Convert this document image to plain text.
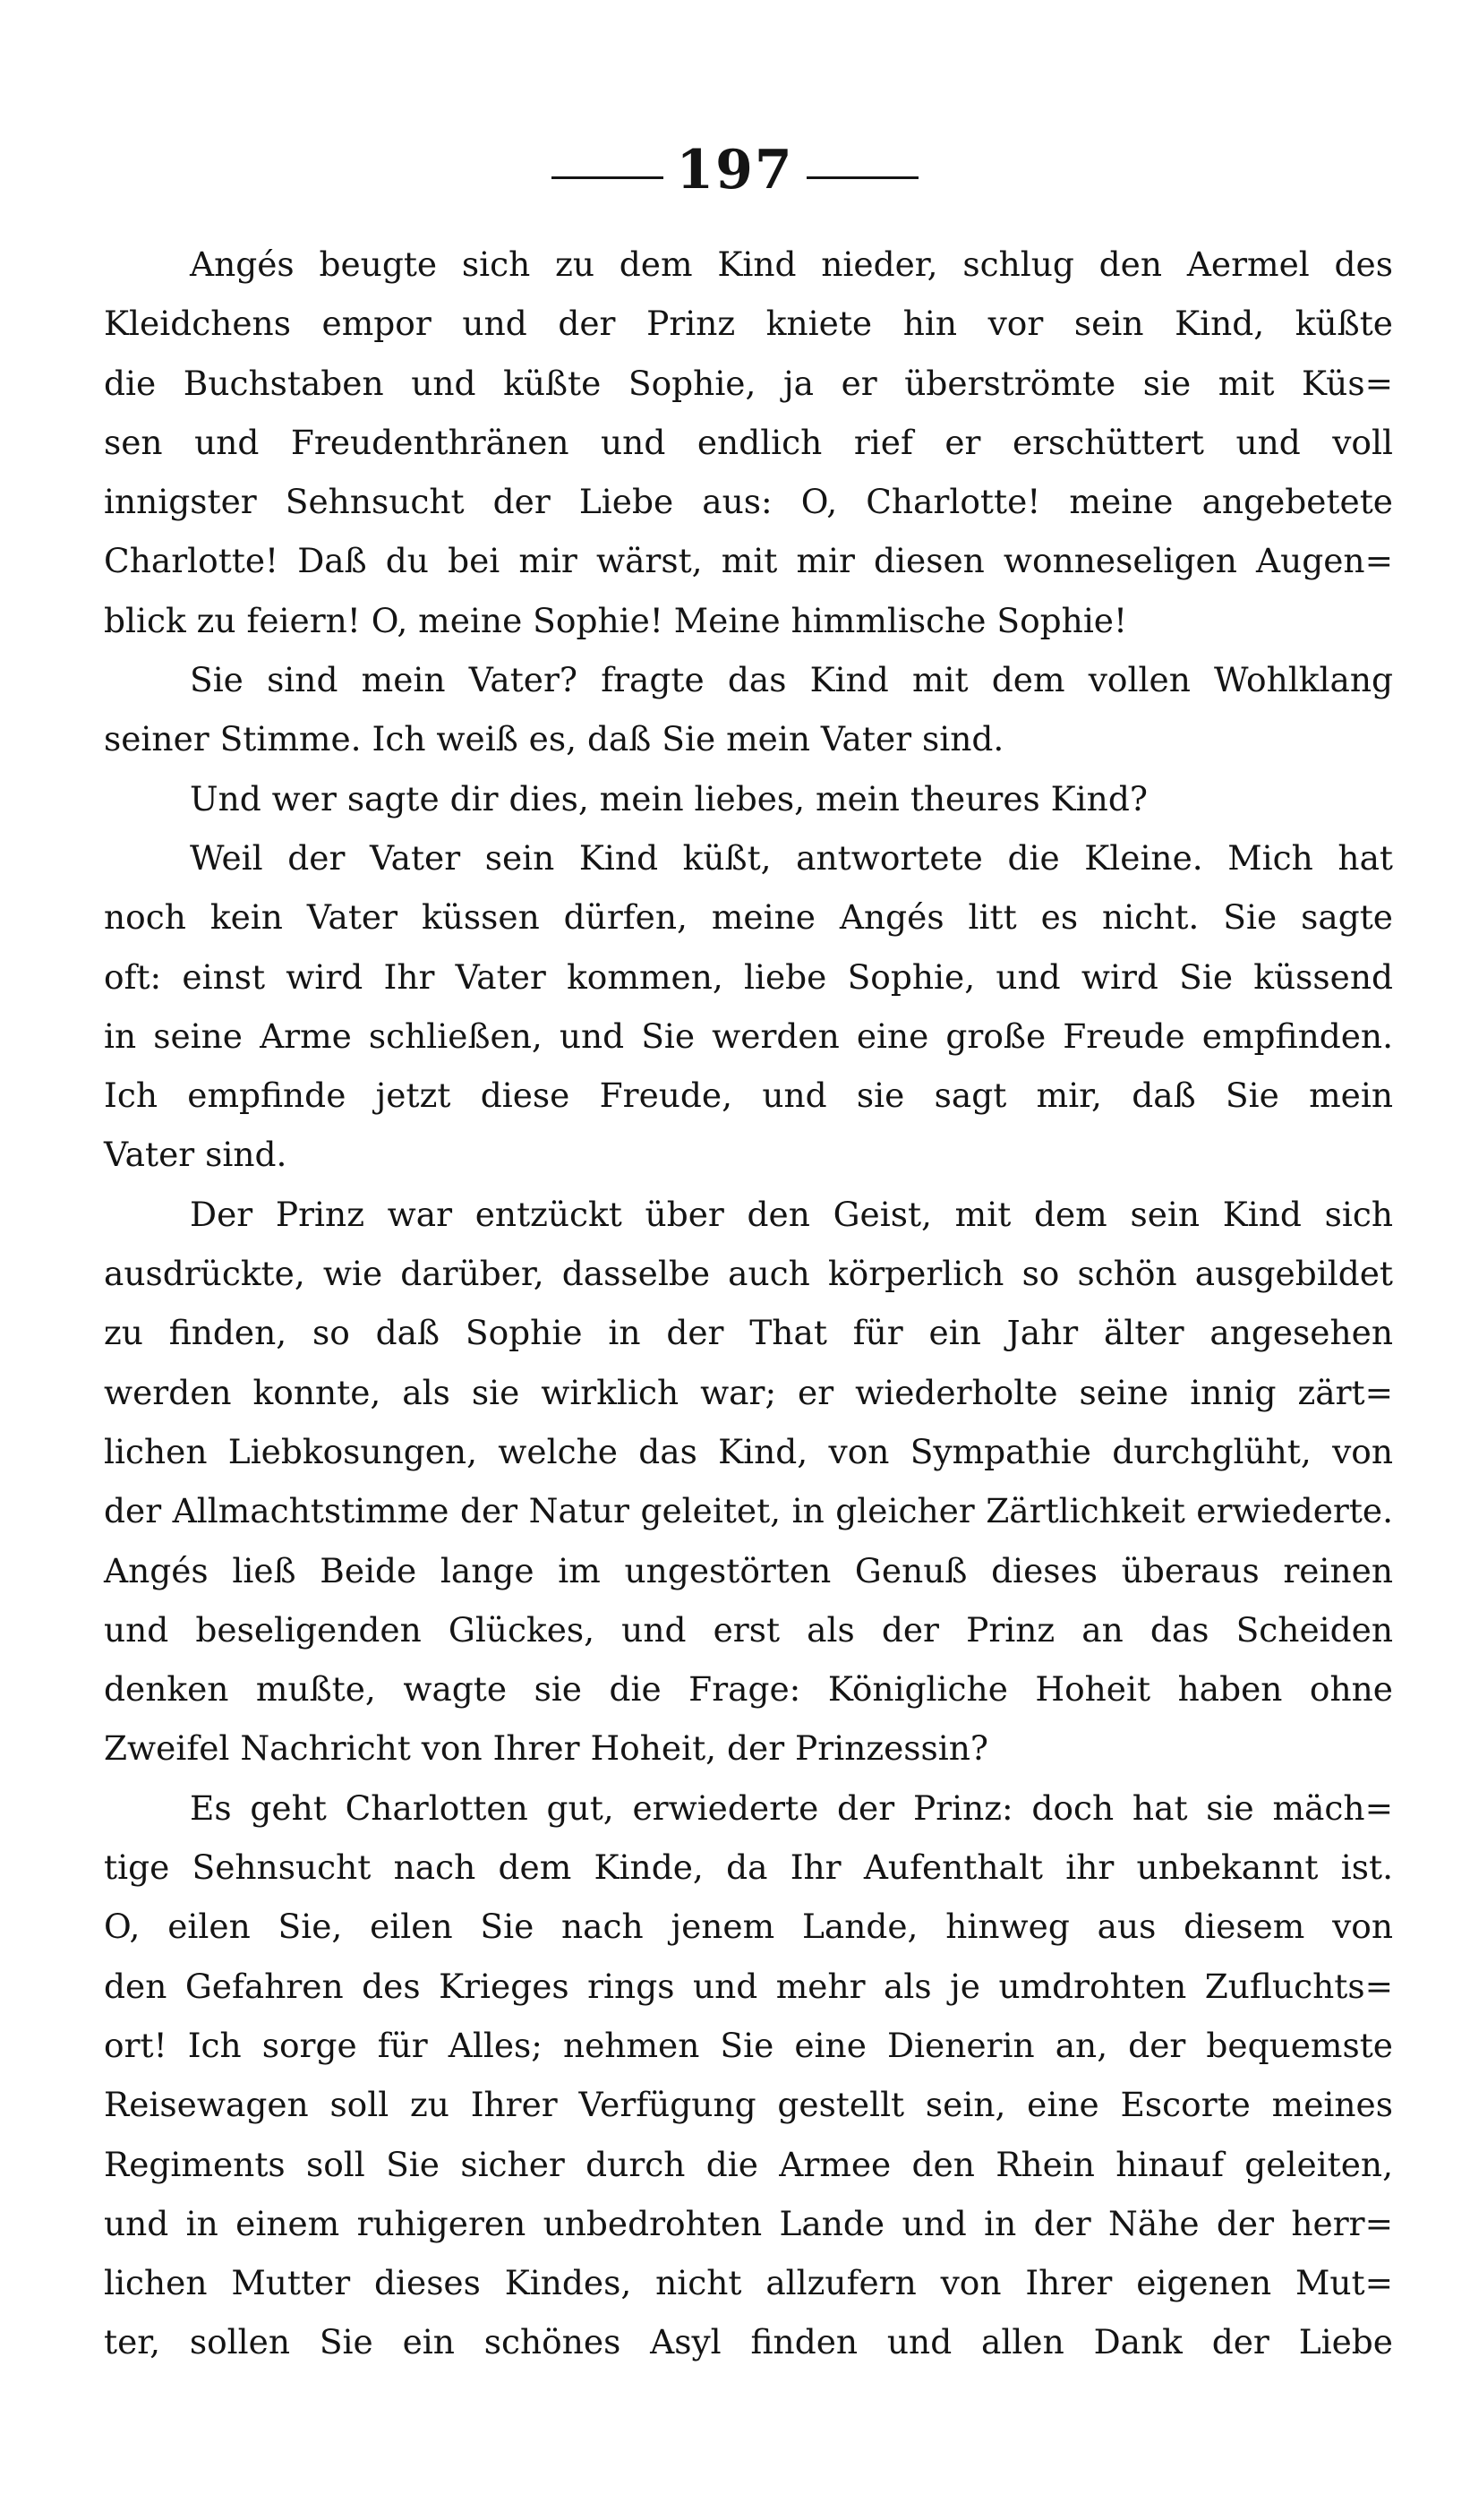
197

Angés beugte sich zu dem Kind nieder, schlug den Aermel des
Kleidchens empor und der Prinz kniete hin vor sein Kind, küßte
die Buchstaben und küßte Sophie, ja er überströmte sie mit Küs=
sen und Freudenthränen und endlich rief er erschüttert und voll
innigster Sehnsucht der Liebe aus: O, Charlotte! meine angebetete
Charlotte! Daß du bei mir wärst, mit mir diesen wonneseligen Augen=
blick zu feiern! O, meine Sophie! Meine himmlische Sophie!

Sie sind mein Vater? fragte das Kind mit dem vollen Wohlklang
seiner Stimme. Ich weiß es, daß Sie mein Vater sind.

Und wer sagte dir dies, mein liebes, mein theures Kind?

Weil der Vater sein Kind küßt, antwortete die Kleine. Mich hat
noch kein Vater küssen dürfen, meine Angés litt es nicht. Sie sagte
oft: einst wird Ihr Vater kommen, liebe Sophie, und wird Sie küssend
in seine Arme schließen, und Sie werden eine große Freude empfinden.
Ich empfinde jetzt diese Freude, und sie sagt mir, daß Sie mein
Vater sind.

Der Prinz war entzückt über den Geist, mit dem sein Kind sich
ausdrückte, wie darüber, dasselbe auch körperlich so schön ausgebildet
zu finden, so daß Sophie in der That für ein Jahr älter angesehen
werden konnte, als sie wirklich war; er wiederholte seine innig zärt=
lichen Liebkosungen, welche das Kind, von Sympathie durchglüht, von
der Allmachtstimme der Natur geleitet, in gleicher Zärtlichkeit erwiederte.
Angés ließ Beide lange im ungestörten Genuß dieses überaus reinen
und beseligenden Glückes, und erst als der Prinz an das Scheiden
denken mußte, wagte sie die Frage: Königliche Hoheit haben ohne
Zweifel Nachricht von Ihrer Hoheit, der Prinzessin?

Es geht Charlotten gut, erwiederte der Prinz: doch hat sie mäch=
tige Sehnsucht nach dem Kinde, da Ihr Aufenthalt ihr unbekannt ist.
O, eilen Sie, eilen Sie nach jenem Lande, hinweg aus diesem von
den Gefahren des Krieges rings und mehr als je umdrohten Zufluchts=
ort! Ich sorge für Alles; nehmen Sie eine Dienerin an, der bequemste
Reisewagen soll zu Ihrer Verfügung gestellt sein, eine Escorte meines
Regiments soll Sie sicher durch die Armee den Rhein hinauf geleiten,
und in einem ruhigeren unbedrohten Lande und in der Nähe der herr=
lichen Mutter dieses Kindes, nicht allzufern von Ihrer eigenen Mut=
ter, sollen Sie ein schönes Asyl finden und allen Dank der Liebe
